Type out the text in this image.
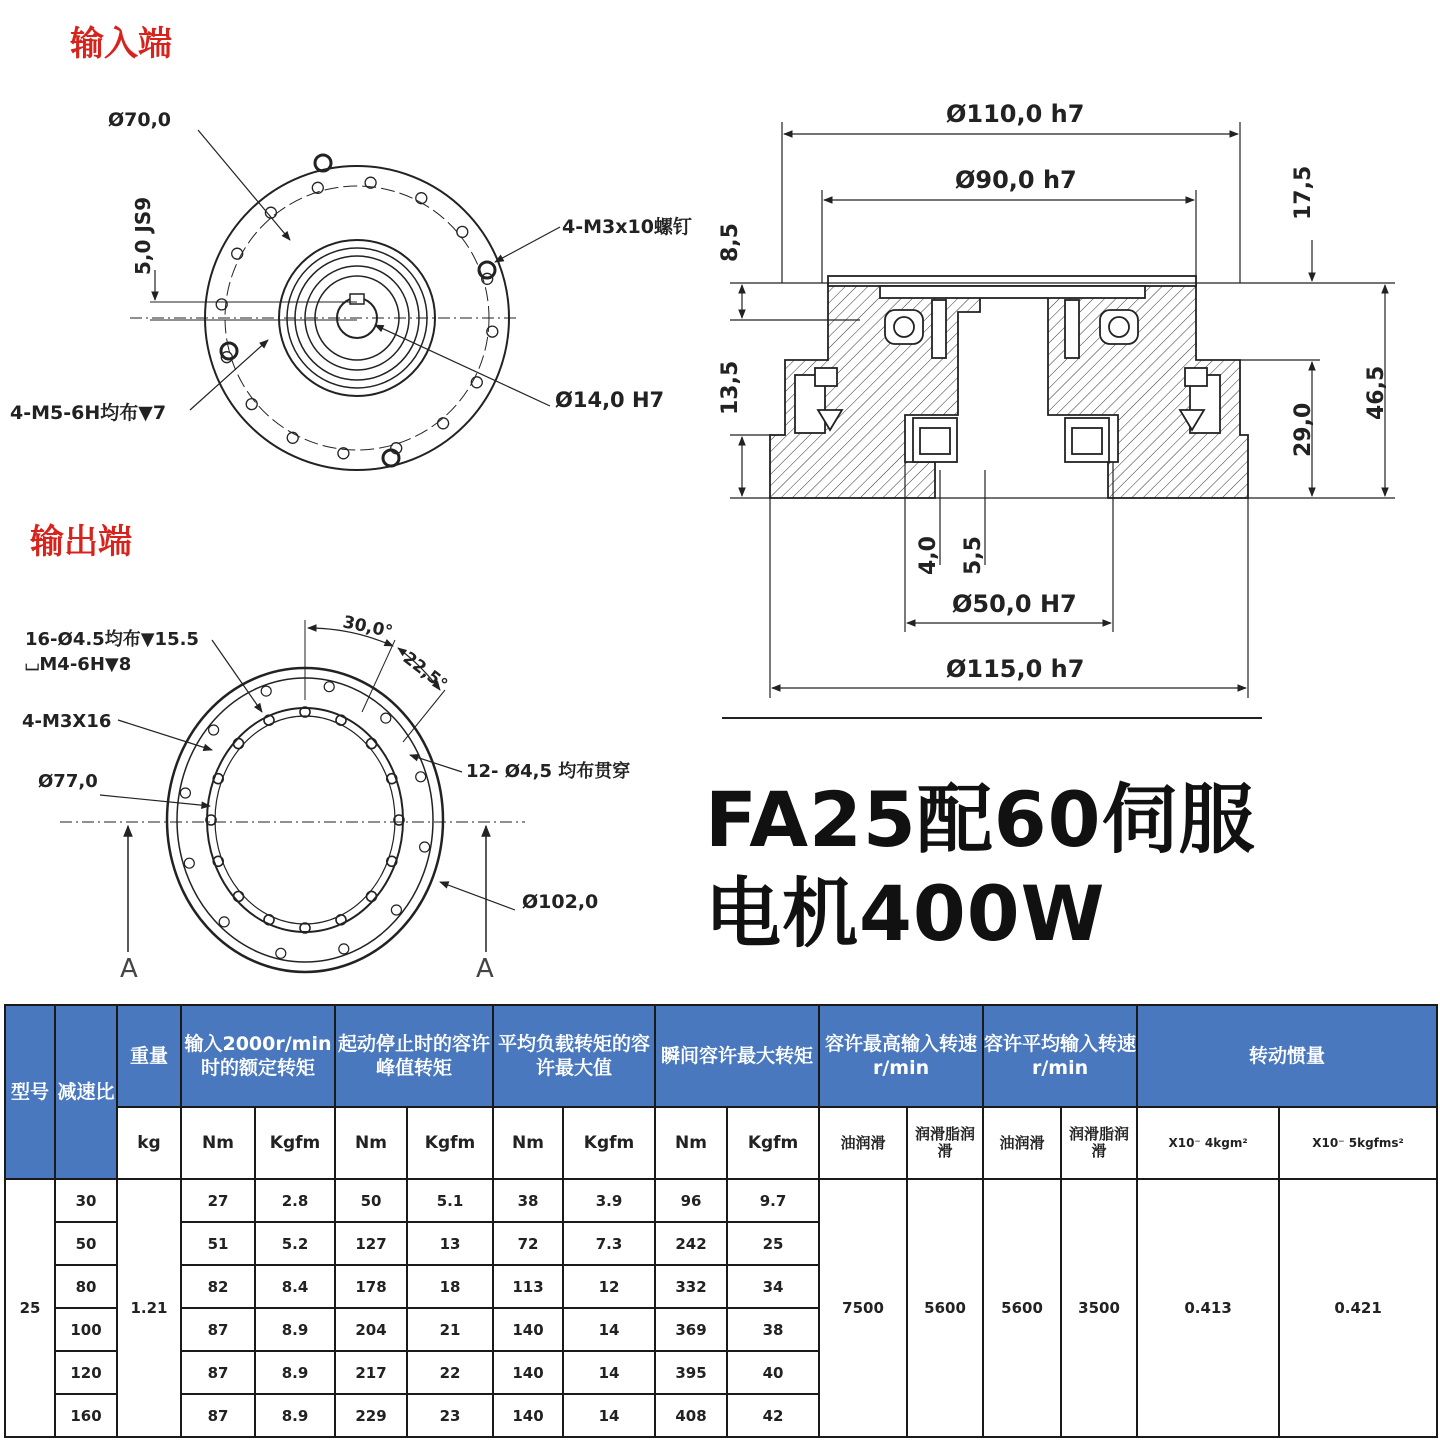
输入端
输出端
Ø70,0
5,0 JS9	4-M3x10螺钉
4-M5-6H均布▼7
Ø14,0 H7
16-Ø4.5均布▼15.5
⌴M4-6H▼8
4-M3X16
Ø77,0
30,0°
22,5°
12- Ø4,5 均布贯穿
Ø102,0
A	A
Ø110,0 h7
Ø90,0 h7
Ø50,0 H7
Ø115,0 h7
8,5
13,5
17,5
29,0
46,5
4,0 5,5
FA25配60伺服
电机400W
型号	减速比	重量	输入2000r/min时的额定转矩		起动停止时的容许峰值转矩		平均负载转矩的容许最大值		瞬间容许最大转矩		容许最高输入转速r/min		容许平均输入转速r/min		转动惯量	
		kg	Nm	Kgfm	Nm	Kgfm	Nm	Kgfm	Nm	Kgfm	油润滑	润滑脂润滑	油润滑	润滑脂润滑	X10⁻ 4kgm²	X10⁻ 5kgfms²
25	30	1.21	27	2.8	50	5.1	38	3.9	96	9.7	7500	5600	5600	3500	0.413	0.421
	50		51	5.2	127	13	72	7.3	242	25						
	80		82	8.4	178	18	113	12	332	34						
	100		87	8.9	204	21	140	14	369	38						
	120		87	8.9	217	22	140	14	395	40						
	160		87	8.9	229	23	140	14	408	42						
